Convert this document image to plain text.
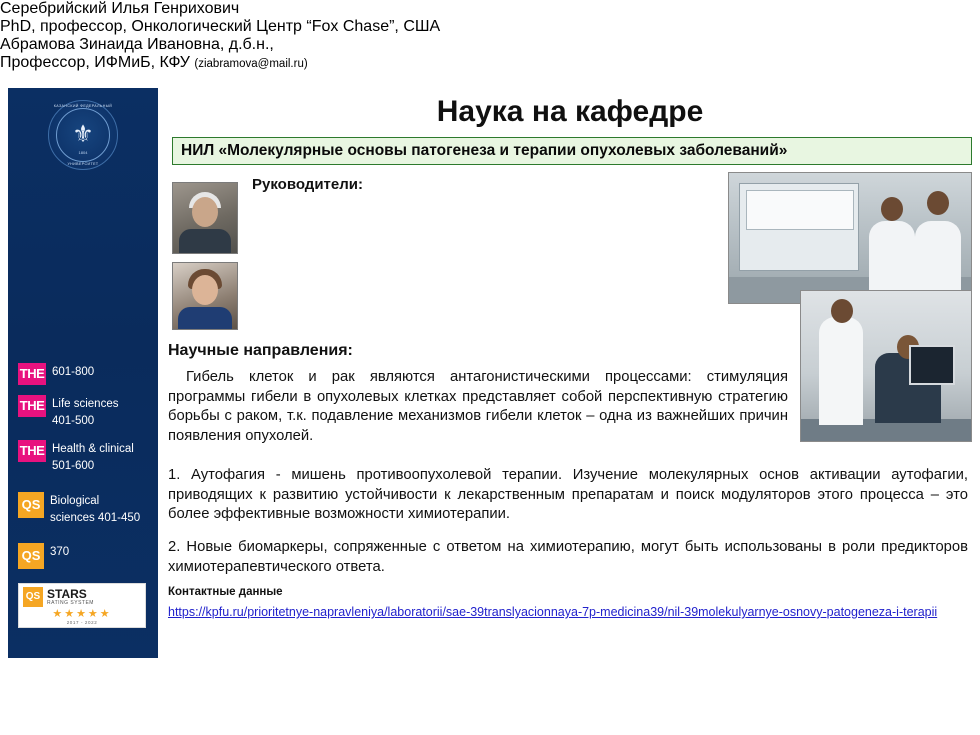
КАЗАНСКИЙ ФЕДЕРАЛЬНЫЙ
⚜
1804
УНИВЕРСИТЕТ
THE 601-800
THE Life sciences
401-500
THE Health & clinical
501-600
QS Biological
sciences 401-450
QS 370
QS STARS
RATING SYSTEM
★★★★★
2017 - 2022
Наука на кафедре
НИЛ «Молекулярные основы патогенеза и терапии опухолевых заболеваний»
Руководители:
Серебрийский Илья Генрихович
PhD, профессор, Онкологический Центр “Fox Chase”, США
Абрамова Зинаида Ивановна, д.б.н.,
Профессор, ИФМиБ, КФУ (ziabramova@mail.ru)
Научные направления:
Гибель клеток и рак являются антагонистическими процессами: стимуляция программы гибели в опухолевых клетках представляет собой перспективную стратегию борьбы с раком, т.к. подавление механизмов гибели клеток – одна из важнейших причин появления опухолей.
1. Аутофагия - мишень противоопухолевой терапии. Изучение молекулярных основ активации аутофагии, приводящих к развитию устойчивости к лекарственным препаратам и поиск модуляторов этого процесса – это более эффективные возможности химиотерапии.
2. Новые биомаркеры, сопряженные с ответом на химиотерапию, могут быть использованы в роли предикторов химиотерапевтического ответа.
Контактные данные
https://kpfu.ru/prioritetnye-napravleniya/laboratorii/sae-39translyacionnaya-7p-medicina39/nil-39molekulyarnye-osnovy-patogeneza-i-terapii
